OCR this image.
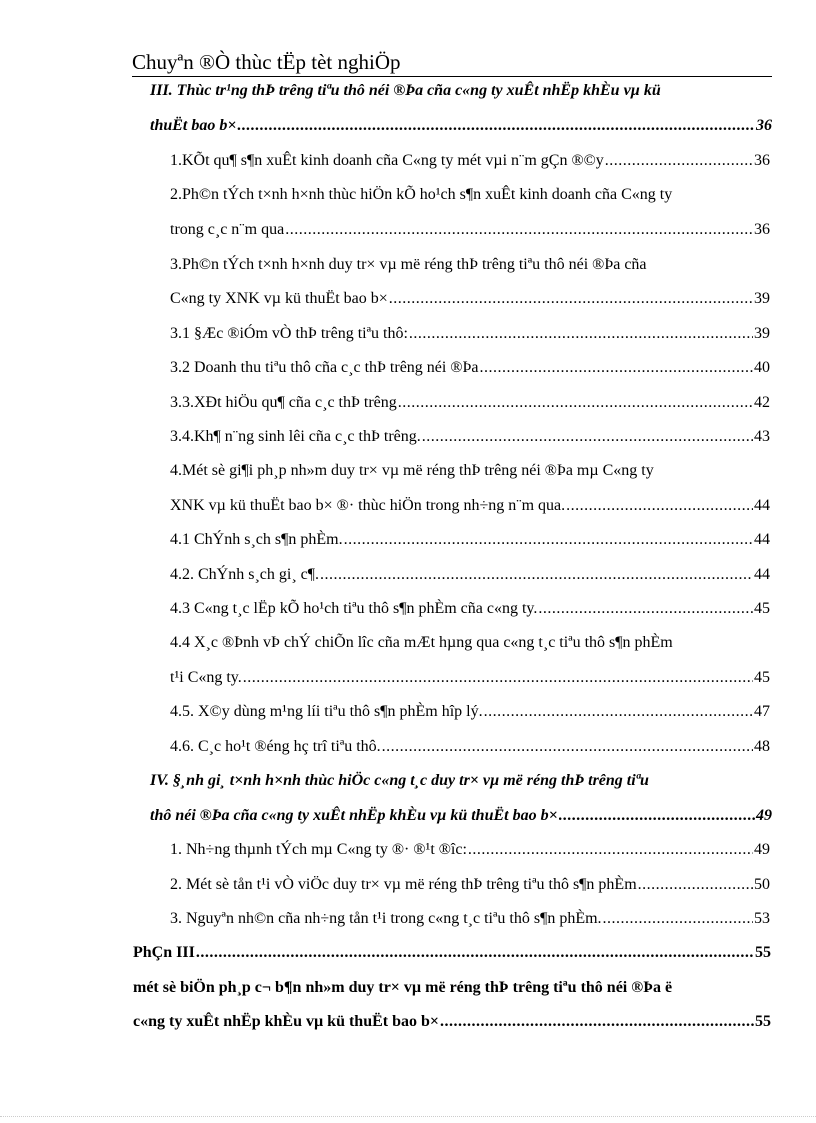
Chuyªn ®Ò thùc tËp tèt nghiÖp
III. Thùc tr¹ng thÞ trêng tiªu thô néi ®Þa cña c«ng ty xuÊt nhËp khÈu vµ kü
thuËt bao b× .....	36
1.KÕt qu¶ s¶n xuÊt kinh doanh cña C«ng ty mét vµi n¨m gÇn ®©y .....	36
2.Ph©n tÝch t×nh h×nh thùc hiÖn kÕ ho¹ch s¶n xuÊt kinh doanh cña C«ng ty
trong c¸c n¨m qua .....	36
3.Ph©n tÝch t×nh h×nh duy tr× vµ më réng thÞ trêng tiªu thô néi ®Þa cña
C«ng ty XNK vµ kü thuËt bao b× .....	39
3.1 §Æc ®iÓm vÒ thÞ trêng tiªu thô: .....	39
3.2 Doanh thu tiªu thô cña c¸c thÞ trêng néi ®Þa .....	40
3.3.XÐt hiÖu qu¶ cña c¸c thÞ trêng .....	42
3.4.Kh¶ n¨ng sinh lêi cña c¸c thÞ trêng. .....	43
4.Mét sè gi¶i ph¸p nh»m duy tr× vµ më réng thÞ trêng néi ®Þa mµ C«ng ty
XNK vµ kü thuËt bao b× ®· thùc hiÖn trong nh÷ng n¨m qua. .....	44
4.1 ChÝnh s¸ch s¶n phÈm. .....	44
4.2. ChÝnh s¸ch gi¸ c¶. .....	44
4.3 C«ng t¸c lËp kÕ ho¹ch tiªu thô s¶n phÈm cña c«ng ty. .....	45
4.4 X¸c ®Þnh vÞ chÝ chiÕn lîc cña mÆt hµng qua c«ng t¸c tiªu thô s¶n phÈm
t¹i C«ng ty. .....	45
4.5. X©y dùng m¹ng líi tiªu thô s¶n phÈm hîp lý. .....	47
4.6. C¸c ho¹t ®éng hç trî tiªu thô. .....	48
IV. §¸nh gi¸ t×nh h×nh thùc hiÖc c«ng t¸c duy tr× vµ më réng thÞ trêng tiªu
thô néi ®Þa cña c«ng ty xuÊt nhËp khÈu vµ kü thuËt bao b× .....	49
1. Nh÷ng thµnh tÝch mµ C«ng ty ®· ®¹t ®îc: .....	49
2. Mét sè tån t¹i vÒ viÖc duy tr× vµ më réng thÞ trêng tiªu thô s¶n phÈm .....	50
3. Nguyªn nh©n cña nh÷ng tån t¹i trong c«ng t¸c tiªu thô s¶n phÈm. .....	53
PhÇn III .....	55
mét sè biÖn ph¸p c¬ b¶n nh»m duy tr× vµ më réng thÞ trêng tiªu thô néi ®Þa ë
c«ng ty xuÊt nhËp khÈu vµ kü thuËt bao b× .....	55
